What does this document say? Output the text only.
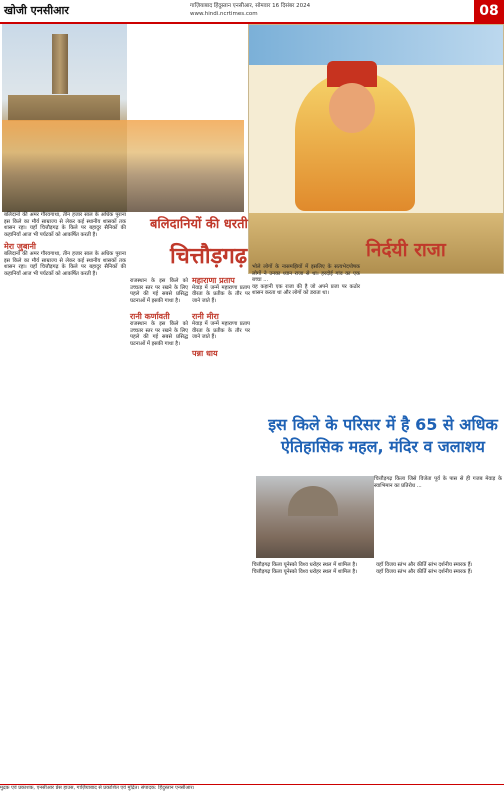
खोजी एनसीआर	गाज़ियाबाद हिंदुस्तान एनसीआर, सोमवार 16 दिसंबर 2024
www.hindi.ncrtimes.com	08
बलिदानियों की धरती
चित्तौड़गढ़
बलिदानों की अमर गौरवगाथा, तीन हजार साल के अधिक पुराना इस किले का मौर्य साम्राज्य से लेकर कई स्थानीय शासकों तक शासन रहा। यहाँ चित्तौड़गढ़ के किले पर बहादुर सैनिकों की कहानियाँ आज भी पर्यटकों को आकर्षित करती है।
मेरा जुबानी
बलिदानों की अमर गौरवगाथा, तीन हजार साल के अधिक पुराना इस किले का मौर्य साम्राज्य से लेकर कई स्थानीय शासकों तक शासन रहा। यहाँ चित्तौड़गढ़ के किले पर बहादुर सैनिकों की कहानियाँ आज भी पर्यटकों को आकर्षित करती है।
राजस्थान के इस किले को उच्चतर स्तर पर रखने के लिए पहले की गई सबसे प्रसिद्ध घटनाओं में इसकी गाथा है।
रानी कर्णावती
राजस्थान के इस किले को उच्चतर स्तर पर रखने के लिए पहले की गई सबसे प्रसिद्ध घटनाओं में इसकी गाथा है।
महाराणा प्रताप
मेवाड़ में जन्में महाराणा प्रताप वीरता के प्रतीक के तौर पर जाने जाते हैं।
रानी मीरा
मेवाड़ में जन्में महाराणा प्रताप वीरता के प्रतीक के तौर पर जाने जाते हैं।
पन्ना धाय
निर्दयी राजा
भोले लोगों के नासमझियों में इसलिए के सत्यभेदपोषक लोगों ने उनका ध्यान राजा से था। हरदोई गांव का एक बच्चा ...
यह कहानी एक राजा की है जो अपने प्रजा पर कठोर शासन करता था और लोगों को डराता था।
इस किले के परिसर में है 65 से अधिक ऐतिहासिक महल, मंदिर व जलाशय
चित्तौड़गढ़ किला जिसे विजेता पूर्व के पास से ही गजब मेवाड़ के स्वाभिमान का प्रतिरोध ...
चित्तौड़गढ़ किला यूनेस्को विश्व धरोहर स्थल में शामिल है।
चित्तौड़गढ़ किला यूनेस्को विश्व धरोहर स्थल में शामिल है।
यहाँ विजय स्तंभ और कीर्ति स्तंभ दर्शनीय स्मारक हैं।
यहाँ विजय स्तंभ और कीर्ति स्तंभ दर्शनीय स्मारक हैं।
मुद्रक एवं प्रकाशक, एनसीआर प्रेस हाउस, गाज़ियाबाद से प्रकाशित एवं मुद्रित। संपादक: हिंदुस्तान एनसीआर।
